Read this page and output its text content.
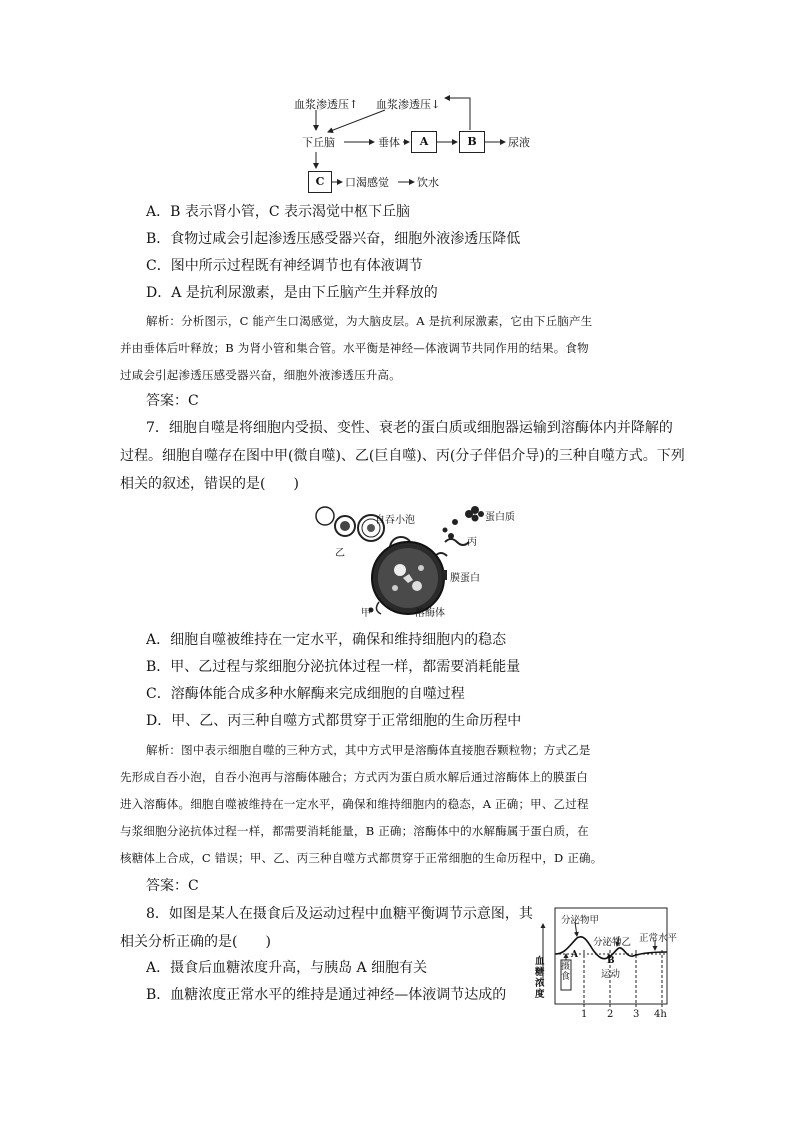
血浆渗透压↑ 血浆渗透压↓
下丘脑	垂体	A	B	尿液
C	口渴感觉	饮水
A．B 表示肾小管，C 表示渴觉中枢下丘脑
B．食物过咸会引起渗透压感受器兴奋，细胞外液渗透压降低
C．图中所示过程既有神经调节也有体液调节
D．A 是抗利尿激素，是由下丘脑产生并释放的
解析：分析图示，C 能产生口渴感觉，为大脑皮层。A 是抗利尿激素，它由下丘脑产生
并由垂体后叶释放；B 为肾小管和集合管。水平衡是神经—体液调节共同作用的结果。食物
过咸会引起渗透压感受器兴奋，细胞外液渗透压升高。
答案：C
7．细胞自噬是将细胞内受损、变性、衰老的蛋白质或细胞器运输到溶酶体内并降解的
过程。细胞自噬存在图中甲(微自噬)、乙(巨自噬)、丙(分子伴侣介导)的三种自噬方式。下列
相关的叙述，错误的是(　　)
自吞小泡	蛋白质
乙
丙
膜蛋白
甲	溶酶体
A．细胞自噬被维持在一定水平，确保和维持细胞内的稳态
B．甲、乙过程与浆细胞分泌抗体过程一样，都需要消耗能量
C．溶酶体能合成多种水解酶来完成细胞的自噬过程
D．甲、乙、丙三种自噬方式都贯穿于正常细胞的生命历程中
解析：图中表示细胞自噬的三种方式，其中方式甲是溶酶体直接胞吞颗粒物；方式乙是
先形成自吞小泡，自吞小泡再与溶酶体融合；方式丙为蛋白质水解后通过溶酶体上的膜蛋白
进入溶酶体。细胞自噬被维持在一定水平，确保和维持细胞内的稳态，A 正确；甲、乙过程
与浆细胞分泌抗体过程一样，都需要消耗能量，B 正确；溶酶体中的水解酶属于蛋白质，在
核糖体上合成，C 错误；甲、乙、丙三种自噬方式都贯穿于正常细胞的生命历程中，D 正确。
答案：C
8．如图是某人在摄食后及运动过程中血糖平衡调节示意图，其
相关分析正确的是(　　)
A．摄食后血糖浓度升高，与胰岛 A 细胞有关
B．血糖浓度正常水平的维持是通过神经—体液调节达成的
分泌物甲
分泌物乙 正常水平
A
B
运动
摄食
血糖浓度
1 2 3 4h
